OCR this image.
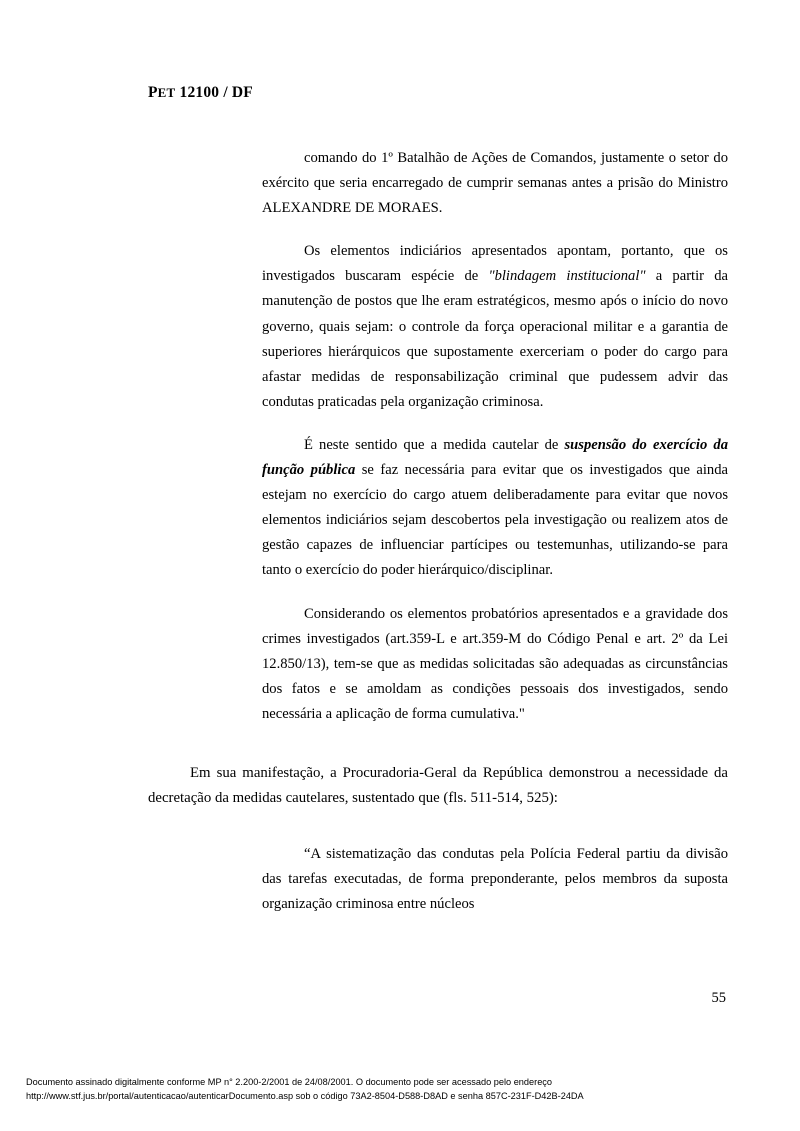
PET 12100 / DF

comando do 1º Batalhão de Ações de Comandos, justamente o setor do exército que seria encarregado de cumprir semanas antes a prisão do Ministro ALEXANDRE DE MORAES.

Os elementos indiciários apresentados apontam, portanto, que os investigados buscaram espécie de "blindagem institucional" a partir da manutenção de postos que lhe eram estratégicos, mesmo após o início do novo governo, quais sejam: o controle da força operacional militar e a garantia de superiores hierárquicos que supostamente exerceriam o poder do cargo para afastar medidas de responsabilização criminal que pudessem advir das condutas praticadas pela organização criminosa.

É neste sentido que a medida cautelar de suspensão do exercício da função pública se faz necessária para evitar que os investigados que ainda estejam no exercício do cargo atuem deliberadamente para evitar que novos elementos indiciários sejam descobertos pela investigação ou realizem atos de gestão capazes de influenciar partícipes ou testemunhas, utilizando-se para tanto o exercício do poder hierárquico/disciplinar.

Considerando os elementos probatórios apresentados e a gravidade dos crimes investigados (art.359-L e art.359-M do Código Penal e art. 2º da Lei 12.850/13), tem-se que as medidas solicitadas são adequadas as circunstâncias dos fatos e se amoldam as condições pessoais dos investigados, sendo necessária a aplicação de forma cumulativa."

Em sua manifestação, a Procuradoria-Geral da República demonstrou a necessidade da decretação da medidas cautelares, sustentado que (fls. 511-514, 525):

“A sistematização das condutas pela Polícia Federal partiu da divisão das tarefas executadas, de forma preponderante, pelos membros da suposta organização criminosa entre núcleos

55
Documento assinado digitalmente conforme MP n° 2.200-2/2001 de 24/08/2001. O documento pode ser acessado pelo endereço
http://www.stf.jus.br/portal/autenticacao/autenticarDocumento.asp sob o código 73A2-8504-D588-D8AD e senha 857C-231F-D42B-24DA
